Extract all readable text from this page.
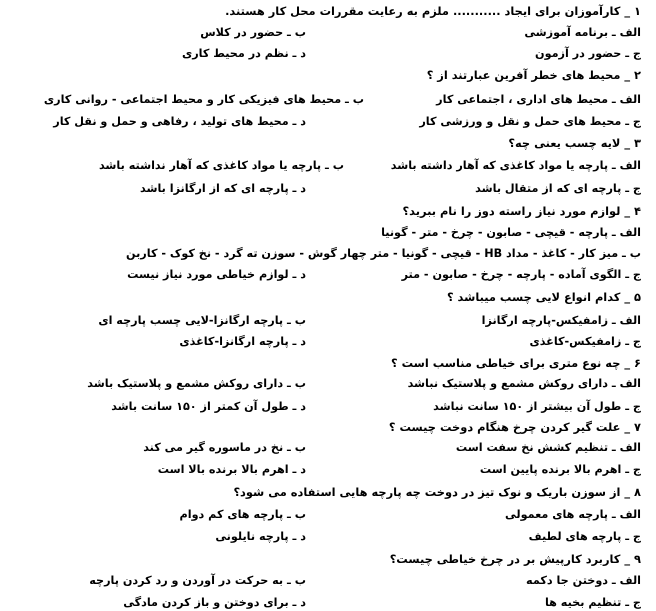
۱ _ کارآموزان برای ایجاد ........... ملزم به رعایت مقررات محل کار هستند.
الف ـ برنامه آموزشی
ب ـ حضور در کلاس
ج ـ حضور در آزمون
د ـ نظم در محیط کاری
۲ _ محیط های خطر آفرین عبارتند از ؟
الف ـ محیط های اداری ، اجتماعی کار
ب ـ محیط های فیزیکی کار و محیط اجتماعی - روانی کاری
ج ـ محیط های حمل و نقل و ورزشی کار
د ـ محیط های تولید ، رفاهی و حمل و نقل کار
۳ _ لایه چسب یعنی چه؟
الف ـ پارچه یا مواد کاغذی که آهار داشته باشد
ب ـ پارچه یا مواد کاغذی که آهار نداشته باشد
ج ـ پارچه ای که از متقال باشد
د ـ پارچه ای که از ارگانزا باشد
۴ _ لوازم مورد نیاز راسته دوز را نام ببرید؟
الف ـ پارچه - قیچی - صابون - چرخ - متر - گونیا
ب ـ میز کار - کاغذ - مداد HB - قیچی - گونیا - متر چهار گوش - سوزن ته گرد - نخ کوک - کاربن
ج ـ الگوی آماده - پارچه - چرخ - صابون - متر
د ـ لوازم خیاطی مورد نیاز نیست
۵ _ کدام انواع لایی چسب میباشد ؟
الف ـ زامفیکس-پارچه ارگانزا
ب ـ پارچه ارگانزا-لایی چسب پارچه ای
ج ـ زامفیکس-کاغذی
د ـ پارچه ارگانزا-کاغذی
۶ _ چه نوع متری برای خیاطی مناسب است ؟
الف ـ دارای روکش مشمع و پلاستیک نباشد
ب ـ دارای روکش مشمع و پلاستیک باشد
ج ـ طول آن بیشتر از ۱۵۰ سانت نباشد
د ـ طول آن کمتر از ۱۵۰ سانت باشد
۷ _ علت گیر کردن چرخ هنگام دوخت چیست ؟
الف ـ تنظیم کشش نخ سفت است
ب ـ نخ در ماسوره گیر می کند
ج ـ اهرم بالا برنده پایین است
د ـ اهرم بالا برنده بالا است
۸ _ از سوزن باریک و نوک تیز در دوخت چه پارچه هایی استفاده می شود؟
الف ـ پارچه های معمولی
ب ـ پارچه های کم دوام
ج ـ پارچه های لطیف
د ـ پارچه نایلونی
۹ _ کاربرد کارپیش بر در چرخ خیاطی چیست؟
الف ـ دوختن جا دکمه
ب ـ به حرکت در آوردن و رد کردن پارچه
ج ـ تنظیم بخیه ها
د ـ برای دوختن و باز کردن مادگی
